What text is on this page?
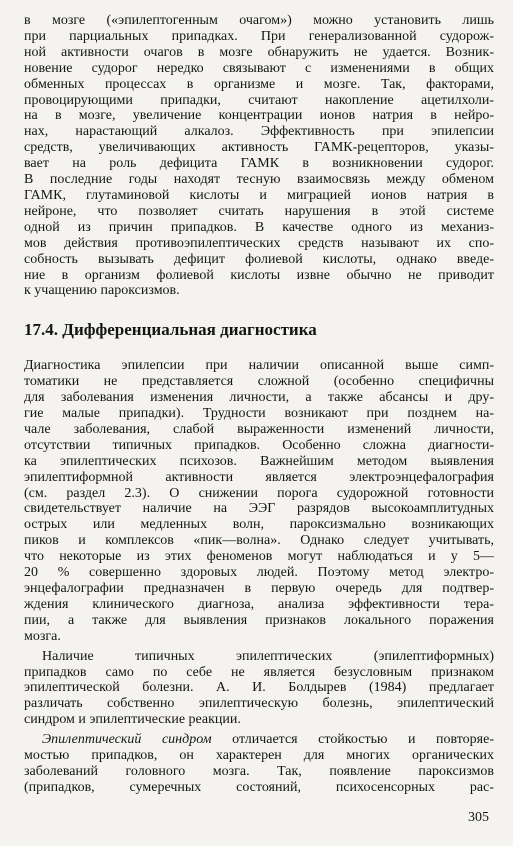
в мозге («эпилептогенным очагом») можно установить лишь
при парциальных припадках. При генерализованной судорож-
ной активности очагов в мозге обнаружить не удается. Возник-
новение судорог нередко связывают с изменениями в общих
обменных процессах в организме и мозге. Так, факторами,
провоцирующими припадки, считают накопление ацетилхоли-
на в мозге, увеличение концентрации ионов натрия в нейро-
нах, нарастающий алкалоз. Эффективность при эпилепсии
средств, увеличивающих активность ГАМК-рецепторов, указы-
вает на роль дефицита ГАМК в возникновении судорог.
В последние годы находят тесную взаимосвязь между обменом
ГАМК, глутаминовой кислоты и миграцией ионов натрия в
нейроне, что позволяет считать нарушения в этой системе
одной из причин припадков. В качестве одного из механиз-
мов действия противоэпилептических средств называют их спо-
собность вызывать дефицит фолиевой кислоты, однако введе-
ние в организм фолиевой кислоты извне обычно не приводит
к учащению пароксизмов.
17.4. Дифференциальная диагностика
Диагностика эпилепсии при наличии описанной выше симп-
томатики не представляется сложной (особенно специфичны
для заболевания изменения личности, а также абсансы и дру-
гие малые припадки). Трудности возникают при позднем на-
чале заболевания, слабой выраженности изменений личности,
отсутствии типичных припадков. Особенно сложна диагности-
ка эпилептических психозов. Важнейшим методом выявления
эпилептиформной активности является электроэнцефалография
(см. раздел 2.3). О снижении порога судорожной готовности
свидетельствует наличие на ЭЭГ разрядов высокоамплитудных
острых или медленных волн, пароксизмально возникающих
пиков и комплексов «пик—волна». Однако следует учитывать,
что некоторые из этих феноменов могут наблюдаться и у 5—
20 % совершенно здоровых людей. Поэтому метод электро-
энцефалографии предназначен в первую очередь для подтвер-
ждения клинического диагноза, анализа эффективности тера-
пии, а также для выявления признаков локального поражения
мозга.
Наличие типичных эпилептических (эпилептиформных)
припадков само по себе не является безусловным признаком
эпилептической болезни. А. И. Болдырев (1984) предлагает
различать собственно эпилептическую болезнь, эпилептический
синдром и эпилептические реакции.
Эпилептический синдром отличается стойкостью и повторяе-
мостью припадков, он характерен для многих органических
заболеваний головного мозга. Так, появление пароксизмов
(припадков, сумеречных состояний, психосенсорных рас-
305
